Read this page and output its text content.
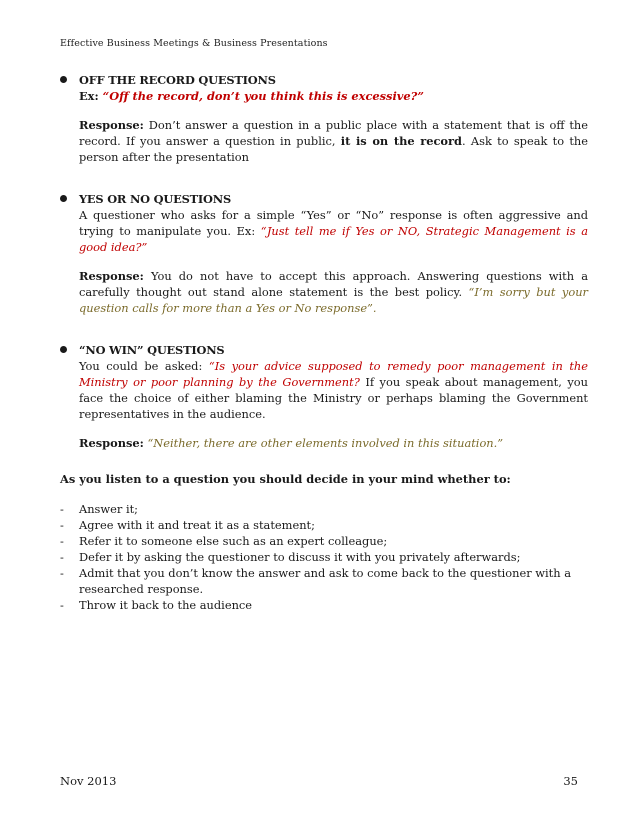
Effective Business Meetings & Business Presentations
OFF THE RECORD QUESTIONS
Ex: “Off the record, don’t you think this is excessive?”
Response: Don’t answer a question in a public place with a statement that is off the record. If you answer a question in public, it is on the record. Ask to speak to the person after the presentation
YES OR NO QUESTIONS
A questioner who asks for a simple “Yes” or “No” response is often aggressive and trying to manipulate you. Ex: “Just tell me if Yes or NO, Strategic Management is a good idea?”
Response: You do not have to accept this approach. Answering questions with a carefully thought out stand alone statement is the best policy. “I’m sorry but your question calls for more than a Yes or No response”.
“NO WIN” QUESTIONS
You could be asked: “Is your advice supposed to remedy poor management in the Ministry or poor planning by the Government? If you speak about management, you face the choice of either blaming the Ministry or perhaps blaming the Government representatives in the audience.
Response: “Neither, there are other elements involved in this situation.”
As you listen to a question you should decide in your mind whether to:
- Answer it;
- Agree with it and treat it as a statement;
- Refer it to someone else such as an expert colleague;
- Defer it by asking the questioner to discuss it with you privately afterwards;
- Admit that you don’t know the answer and ask to come back to the questioner with a researched response.
- Throw it back to the audience
Nov 2013	35
